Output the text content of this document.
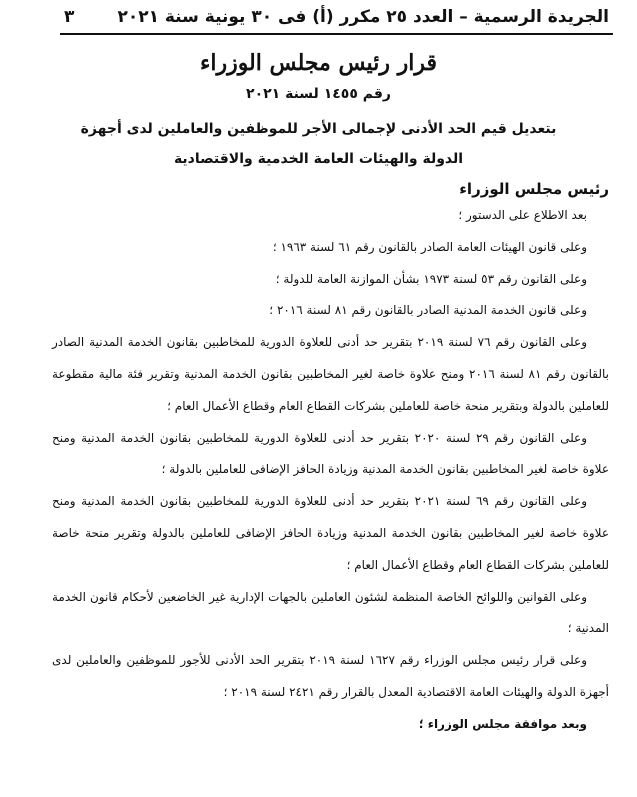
الجريدة الرسمية – العدد ٢٥ مكرر (أ) فى ٣٠ يونية سنة ٢٠٢١
٣
قرار رئيس مجلس الوزراء
رقم ١٤٥٥ لسنة ٢٠٢١
بتعديل قيم الحد الأدنى لإجمالى الأجر للموظفين والعاملين لدى أجهزة الدولة والهيئات العامة الخدمية والاقتصادية
رئيس مجلس الوزراء

بعد الاطلاع على الدستور ؛

وعلى قانون الهيئات العامة الصادر بالقانون رقم ٦١ لسنة ١٩٦٣ ؛

وعلى القانون رقم ٥٣ لسنة ١٩٧٣ بشأن الموازنة العامة للدولة ؛

وعلى قانون الخدمة المدنية الصادر بالقانون رقم ٨١ لسنة ٢٠١٦ ؛

وعلى القانون رقم ٧٦ لسنة ٢٠١٩ بتقرير حد أدنى للعلاوة الدورية للمخاطبين بقانون الخدمة المدنية الصادر بالقانون رقم ٨١ لسنة ٢٠١٦ ومنح علاوة خاصة لغير المخاطبين بقانون الخدمة المدنية وتقرير فئة مالية مقطوعة للعاملين بالدولة وبتقرير منحة خاصة للعاملين بشركات القطاع العام وقطاع الأعمال العام ؛

وعلى القانون رقم ٢٩ لسنة ٢٠٢٠ بتقرير حد أدنى للعلاوة الدورية للمخاطبين بقانون الخدمة المدنية ومنح علاوة خاصة لغير المخاطبين بقانون الخدمة المدنية وزيادة الحافز الإضافى للعاملين بالدولة ؛

وعلى القانون رقم ٦٩ لسنة ٢٠٢١ بتقرير حد أدنى للعلاوة الدورية للمخاطبين بقانون الخدمة المدنية ومنح علاوة خاصة لغير المخاطبين بقانون الخدمة المدنية وزيادة الحافز الإضافى للعاملين بالدولة وتقرير منحة خاصة للعاملين بشركات القطاع العام وقطاع الأعمال العام ؛

وعلى القوانين واللوائح الخاصة المنظمة لشئون العاملين بالجهات الإدارية غير الخاضعين لأحكام قانون الخدمة المدنية ؛

وعلى قرار رئيس مجلس الوزراء رقم ١٦٢٧ لسنة ٢٠١٩ بتقرير الحد الأدنى للأجور للموظفين والعاملين لدى أجهزة الدولة والهيئات العامة الاقتصادية المعدل بالقرار رقم ٢٤٢١ لسنة ٢٠١٩ ؛

وبعد موافقة مجلس الوزراء ؛
